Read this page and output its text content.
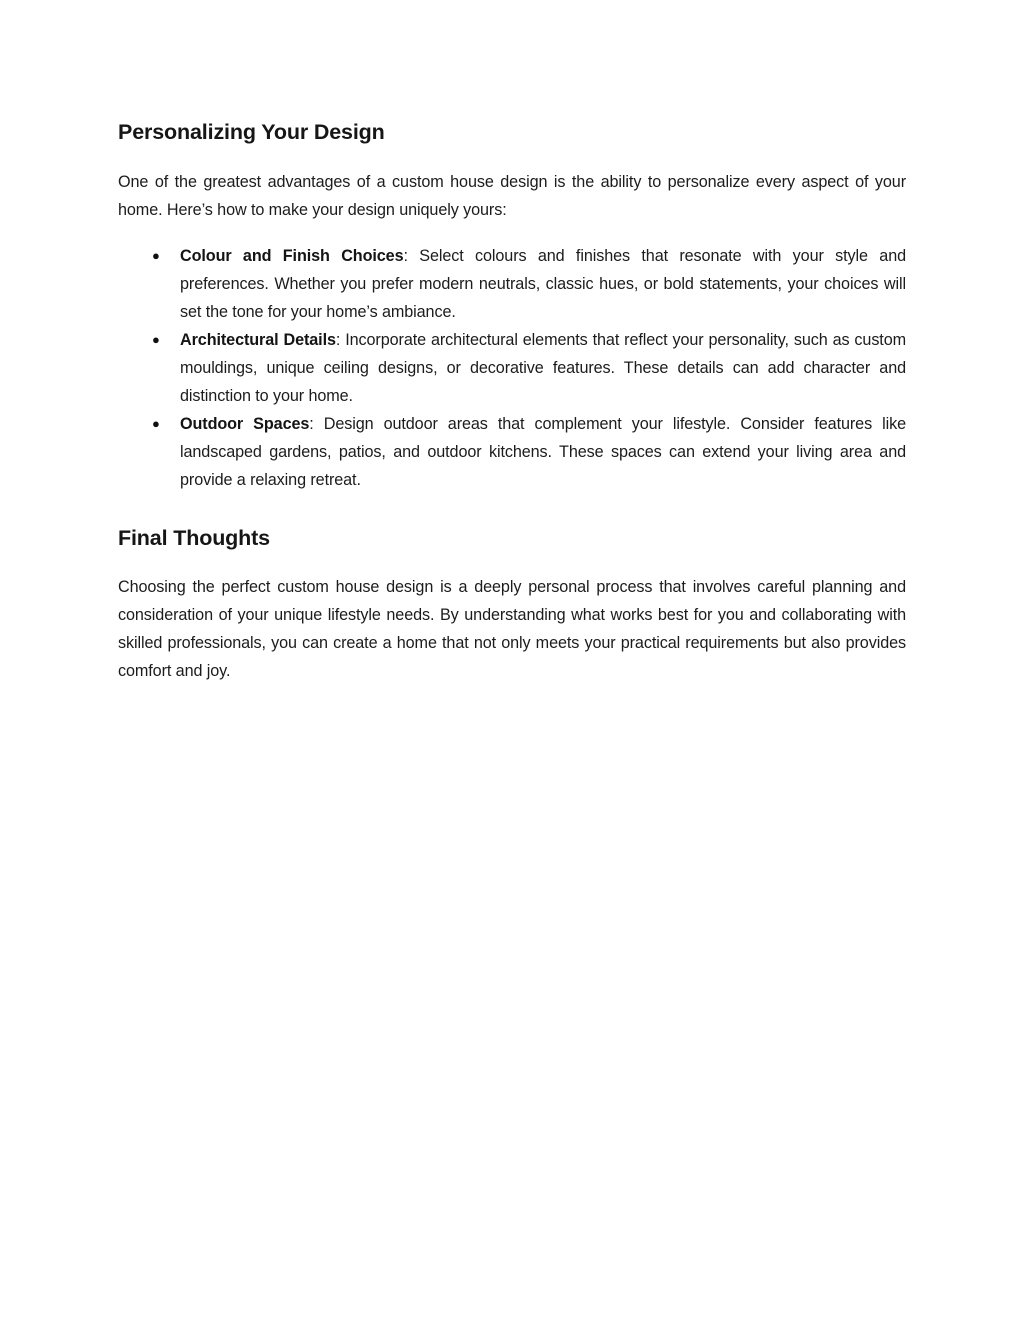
Personalizing Your Design

One of the greatest advantages of a custom house design is the ability to personalize every aspect of your home. Here’s how to make your design uniquely yours:

● Colour and Finish Choices: Select colours and finishes that resonate with your style and preferences. Whether you prefer modern neutrals, classic hues, or bold statements, your choices will set the tone for your home’s ambiance.
● Architectural Details: Incorporate architectural elements that reflect your personality, such as custom mouldings, unique ceiling designs, or decorative features. These details can add character and distinction to your home.
● Outdoor Spaces: Design outdoor areas that complement your lifestyle. Consider features like landscaped gardens, patios, and outdoor kitchens. These spaces can extend your living area and provide a relaxing retreat.
Final Thoughts

Choosing the perfect custom house design is a deeply personal process that involves careful planning and consideration of your unique lifestyle needs. By understanding what works best for you and collaborating with skilled professionals, you can create a home that not only meets your practical requirements but also provides comfort and joy.
